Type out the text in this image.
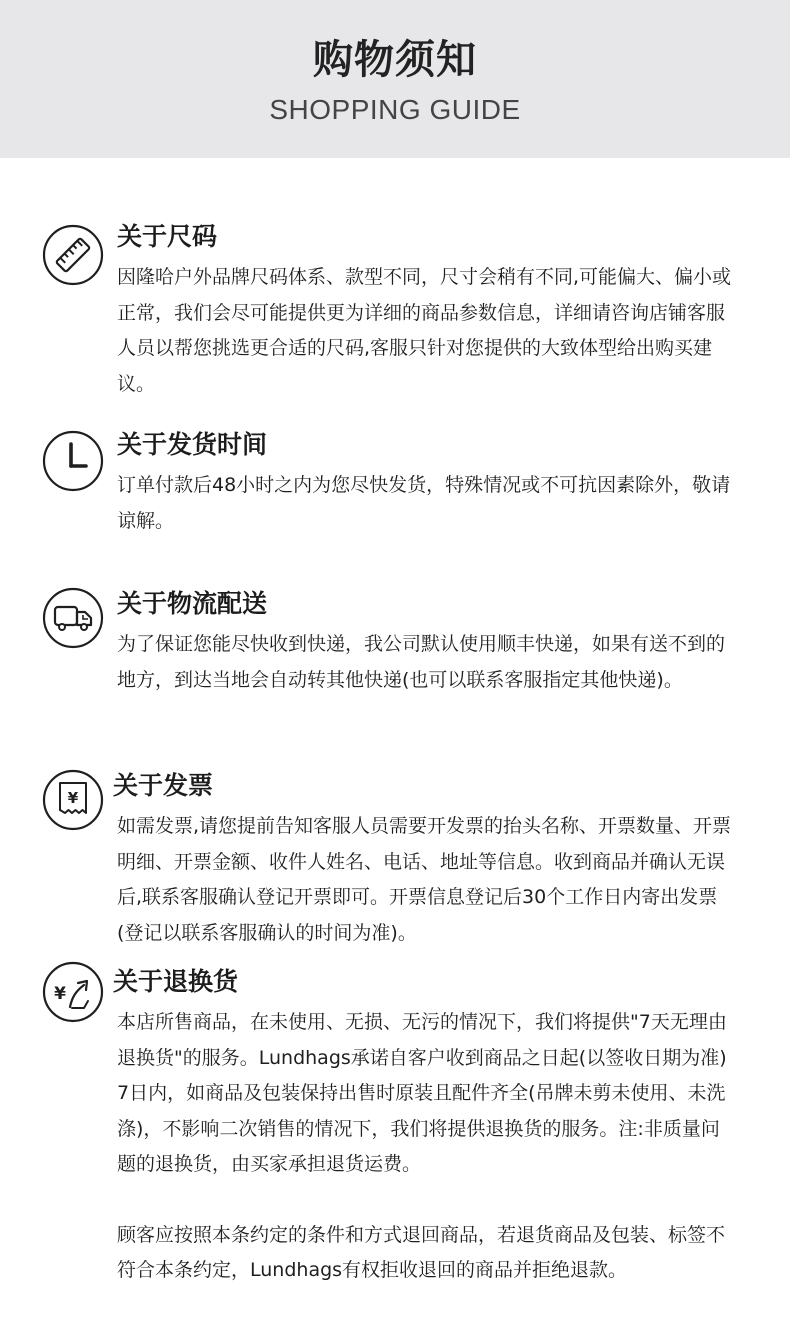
购物须知
SHOPPING GUIDE
关于尺码

因隆哈户外品牌尺码体系、款型不同，尺寸会稍有不同,可能偏大、偏小或正常，我们会尽可能提供更为详细的商品参数信息，详细请咨询店铺客服人员以帮您挑选更合适的尺码,客服只针对您提供的大致体型给出购买建议。

关于发货时间

订单付款后48小时之内为您尽快发货，特殊情况或不可抗因素除外，敬请谅解。

关于物流配送

为了保证您能尽快收到快递，我公司默认使用顺丰快递，如果有送不到的地方，到达当地会自动转其他快递(也可以联系客服指定其他快递)。

¥ 关于发票

如需发票,请您提前告知客服人员需要开发票的抬头名称、开票数量、开票明细、开票金额、收件人姓名、电话、地址等信息。收到商品并确认无误后,联系客服确认登记开票即可。开票信息登记后30个工作日内寄出发票(登记以联系客服确认的时间为准)。

¥ 关于退换货

本店所售商品，在未使用、无损、无污的情况下，我们将提供"7天无理由退换货"的服务。Lundhags承诺自客户收到商品之日起(以签收日期为准)7日内，如商品及包装保持出售时原装且配件齐全(吊牌未剪未使用、未洗涤)，不影响二次销售的情况下，我们将提供退换货的服务。注:非质量问题的退换货，由买家承担退货运费。

顾客应按照本条约定的条件和方式退回商品，若退货商品及包装、标签不符合本条约定，Lundhags有权拒收退回的商品并拒绝退款。
